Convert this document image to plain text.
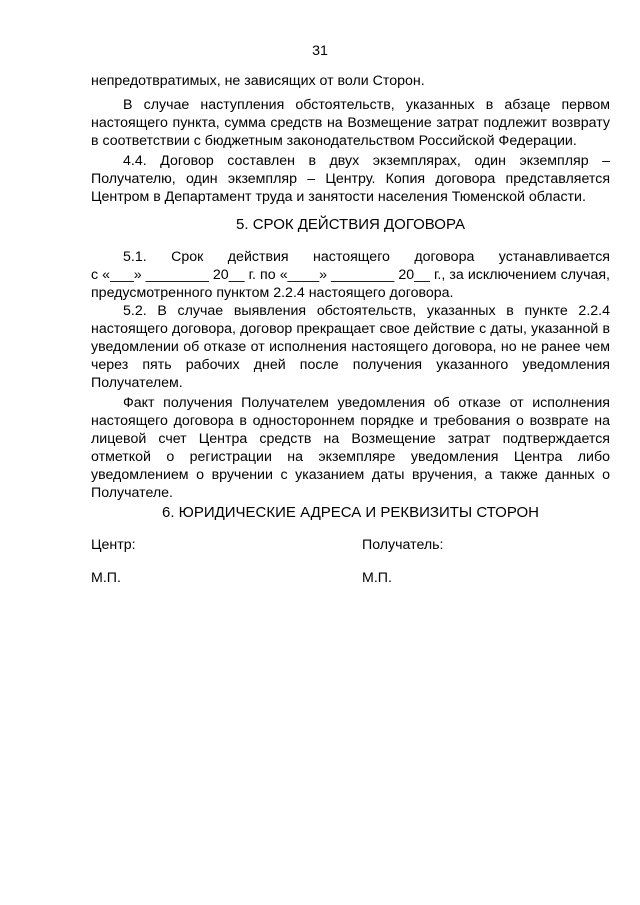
31

непредотвратимых, не зависящих от воли Сторон.

В случае наступления обстоятельств, указанных в абзаце первом настоящего пункта, сумма средств на Возмещение затрат подлежит возврату в соответствии с бюджетным законодательством Российской Федерации.

4.4. Договор составлен в двух экземплярах, один экземпляр – Получателю, один экземпляр – Центру. Копия договора представляется Центром в Департамент труда и занятости населения Тюменской области.

5. СРОК ДЕЙСТВИЯ ДОГОВОРА

5.1. Срок действия настоящего договора устанавливается

с «___» ________ 20__ г. по «____» ________ 20__ г., за исключением случая,

предусмотренного пунктом 2.2.4 настоящего договора.

5.2. В случае выявления обстоятельств, указанных в пункте 2.2.4 настоящего договора, договор прекращает свое действие с даты, указанной в уведомлении об отказе от исполнения настоящего договора, но не ранее чем через пять рабочих дней после получения указанного уведомления Получателем.

Факт получения Получателем уведомления об отказе от исполнения настоящего договора в одностороннем порядке и требования о возврате на лицевой счет Центра средств на Возмещение затрат подтверждается отметкой о регистрации на экземпляре уведомления Центра либо уведомлением о вручении с указанием даты вручения, а также данных о Получателе.

6. ЮРИДИЧЕСКИЕ АДРЕСА И РЕКВИЗИТЫ СТОРОН
Центр:	Получатель:
М.П.	М.П.
